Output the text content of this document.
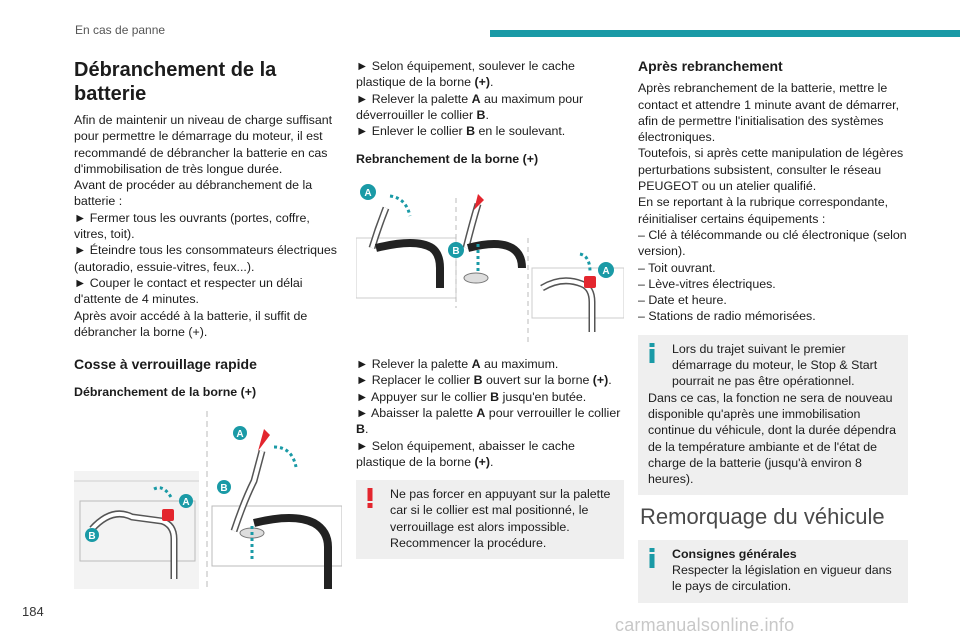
En cas de panne
Débranchement de la batterie

Afin de maintenir un niveau de charge suffisant pour permettre le démarrage du moteur, il est recommandé de débrancher la batterie en cas d'immobilisation de très longue durée.

Avant de procéder au débranchement de la batterie :

► Fermer tous les ouvrants (portes, coffre, vitres, toit).

► Éteindre tous les consommateurs électriques (autoradio, essuie-vitres, feux...).

► Couper le contact et respecter un délai d'attente de 4 minutes.

Après avoir accédé à la batterie, il suffit de débrancher la borne (+).

Cosse à verrouillage rapide
Débranchement de la borne (+)
B
A
A
B

► Selon équipement, soulever le cache plastique de la borne (+).

► Relever la palette A au maximum pour déverrouiller le collier B.

► Enlever le collier B en le soulevant.

Rebranchement de la borne (+)
A
B
A

► Relever la palette A au maximum.

► Replacer le collier B ouvert sur la borne (+).

► Appuyer sur le collier B jusqu'en butée.

► Abaisser la palette A pour verrouiller le collier B.

► Selon équipement, abaisser le cache plastique de la borne (+).

Ne pas forcer en appuyant sur la palette car si le collier est mal positionné, le verrouillage est alors impossible. Recommencer la procédure.

Après rebranchement

Après rebranchement de la batterie, mettre le contact et attendre 1 minute avant de démarrer, afin de permettre l'initialisation des systèmes électroniques.

Toutefois, si après cette manipulation de légères perturbations subsistent, consulter le réseau PEUGEOT ou un atelier qualifié.

En se reportant à la rubrique correspondante, réinitialiser certains équipements :

– Clé à télécommande ou clé électronique (selon version).

– Toit ouvrant.

– Lève-vitres électriques.

– Date et heure.

– Stations de radio mémorisées.

Lors du trajet suivant le premier démarrage du moteur, le Stop & Start pourrait ne pas être opérationnel.

Dans ce cas, la fonction ne sera de nouveau disponible qu'après une immobilisation continue du véhicule, dont la durée dépendra de la température ambiante et de l'état de charge de la batterie (jusqu'à environ 8 heures).

Remorquage du véhicule

Consignes générales

Respecter la législation en vigueur dans le pays de circulation.

184
carmanualsonline.info
